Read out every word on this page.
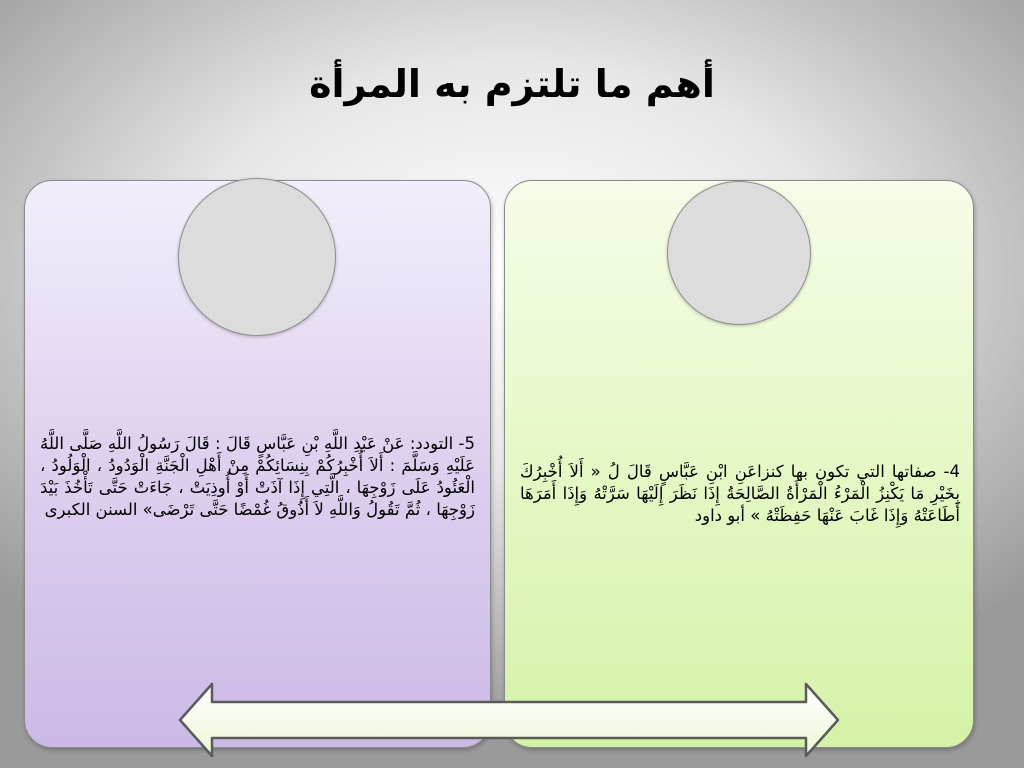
أهم ما تلتزم به المرأة
5- التودد: عَنْ عَبْدِ اللَّهِ بْنِ عَبَّاسٍ قَالَ : قَالَ رَسُولُ اللَّهِ صَلَّى اللَّهُ عَلَيْهِ وَسَلَّمَ : أَلاَ أُخْبِرُكُمْ بِنِسَائِكُمْ مِنْ أَهْلِ الْجَنَّةِ الْوَدُودُ ، الْوَلُودُ ، الْعَئُودُ عَلَى زَوْجِهَا ، الَّتِي إِذَا آذَتْ أَوْ أُوذِيَتْ ، جَاءَتْ حَتَّى تَأْخُذَ بَيْدَ زَوْجِهَا ، ثُمَّ تَقُولُ وَاللَّهِ لاَ أَذُوقُ غُمْضًا حَتَّى تَرْضَى» السنن الكبرى
4- صفاتها التي تكون بها كنزاعَنِ ابْنِ عَبَّاسٍ قَالَ لُ « أَلاَ أُخْبِرُكَ بِخَيْرِ مَا يَكْنِزُ الْمَرْءُ الْمَرْأَةُ الصَّالِحَةُ إِذَا نَظَرَ إِلَيْهَا سَرَّتْهُ وَإِذَا أَمَرَهَا أَطَاعَتْهُ وَإِذَا غَابَ عَنْهَا حَفِظَتْهُ » أبو داود
